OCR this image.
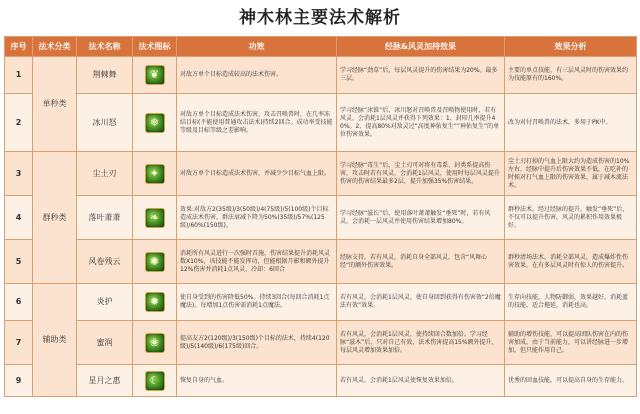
神木林主要法术解析
序号	法术分类	法术名称	法术图标	功效	经脉&风灵加持效果	效果分析
1	单秒类	荆棘舞	❦	对敌方单个目标造成较高的法术伤害。	学习经脉“劲草”后，每层风灵提升的伤害结果为20%。最多三层。	主要的单点技能，有三层风灵时的伤害效果约为技能原有的160%。
2		冰川怒	❄	对敌方单个目标造成法术伤害，攻击召唤兽时，在几率冻结目标(不能使用普通攻击法术)持续2回合。成功率受技能等级及目标等级之差影响。	学习经脉“冰锥”后，冰川怒对召唤兽及召唤物使用时，若有风灵，会消耗1层风灵并获得下列效果：1、封印几率提升40%。2、提高80%对敌灵过“高度神佑复生”“神佑复生”的单位伤害效果。	改为对付召唤兽的法术，多用于PK中。
3	群秒类	尘土刃	✦	对敌方单个目标造成法术伤害，并减少少目标气血上限。	学习经脉“毒生”后，尘土刃可对将有毒系、封类系提高伤害，攻击时若有风灵，会消耗1层风灵，使用时每层风灵提升伤害的伤害结果最多2层，提升加强35%伤害结果。	尘土刃打掉的气血上限大约为造成伤害的10%左右，经脉中提升后伤害效果不低，在吃补的时候对打气血上限的伤害效果，属于减木流法术。
4		落叶萧萧	❧	效果:对敌方2(35级)/3(50级)/4(75级)/5(100级)个目标造成法术伤害，群法衰减下降为50%(35级)/57%(125级)/60%(150级)。	学习经脉“滋长”后，使用落叶萧萧触发“垂死”时，若有风灵，会消耗一层风灵并使用伤害结果增加80%。	群秒法术。经过经脉的提升，触发“垂死”后，不仅可以提升伤害，风灵的累积作用效果极好。
5		风卷残云	✺	消耗所有风灵进行一次强时首施，伤害结果提升消耗风灵数X10%，该技能不能发挥功，但能根据月影和额外提升12%伤害并消耗1点风灵，冷却：6回合	经脉支持，若有风灵，消耗自身全部风灵，包含“风舞心经”的额外伤害效果。	群秒清场法术，消耗全部风灵，造成爆炸性伤害效果，在有多层风灵时有惊人的伤害提升。
6	辅助类	炎护	✹	使自身受到的伤害降低50%。持续3回合(每回合消耗1点魔法)。每增加1点伤害需消耗1点魔法。	若有风灵，会消耗1层风灵，使自身回到获得有伤害效“2倍魔法有效”效果。	生存向技能，人物防御弱，效果越好，消耗蓝的技能，适合拖延，消耗也高。
7		蜜润	❀	提高友方2(120级)/3(150级)个目标的法术，持续4(120级)/5(140级)/6(175级)回合。	若有风灵，会消耗1层风灵，使持续回合数加倍。学习经脉“滋木”后，只对自己有效，法术伤害提高15%额外提升，每层风灵增加效果加倍。	辅助的增伤技能，可以提高团队伤害在内的伤害加成，由于当前能力，可以讲经脉进一步增加，但只能作用自己。
9		星月之惠	☾	恢复自身的气血。	若有风灵，会消耗1层风灵使恢复效果加倍。	优秀的回血技能，可以提高自身的生存能力。
